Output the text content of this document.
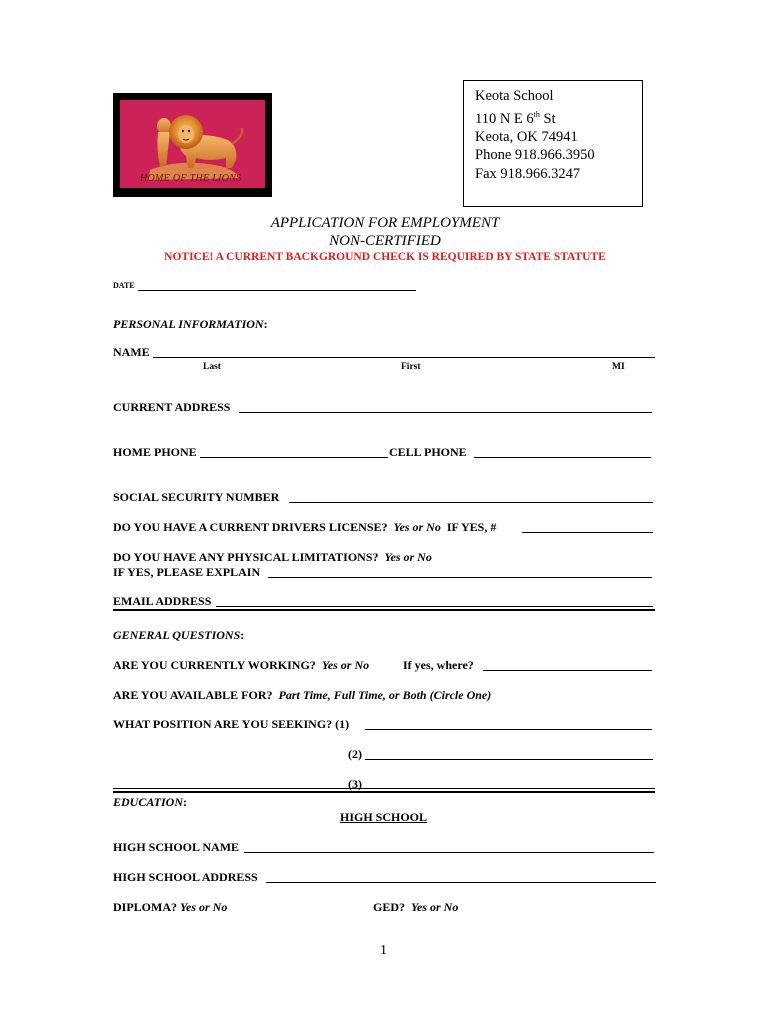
HOME OF THE LIONS
Keota School
110 N E 6th St
Keota, OK 74941
Phone 918.966.3950
Fax 918.966.3247
APPLICATION FOR EMPLOYMENT
NON-CERTIFIED
NOTICE! A CURRENT BACKGROUND CHECK IS REQUIRED BY STATE STATUTE
DATE
PERSONAL INFORMATION:
NAME
Last	First	MI
CURRENT ADDRESS
HOME PHONE	CELL PHONE
SOCIAL SECURITY NUMBER
DO YOU HAVE A CURRENT DRIVERS LICENSE? Yes or No IF YES, #
DO YOU HAVE ANY PHYSICAL LIMITATIONS? Yes or No
IF YES, PLEASE EXPLAIN
EMAIL ADDRESS
GENERAL QUESTIONS:
ARE YOU CURRENTLY WORKING? Yes or No	If yes, where?
ARE YOU AVAILABLE FOR? Part Time, Full Time, or Both (Circle One)
WHAT POSITION ARE YOU SEEKING? (1)
(2)
(3)
EDUCATION:
HIGH SCHOOL
HIGH SCHOOL NAME
HIGH SCHOOL ADDRESS
DIPLOMA? Yes or No	GED? Yes or No
1
